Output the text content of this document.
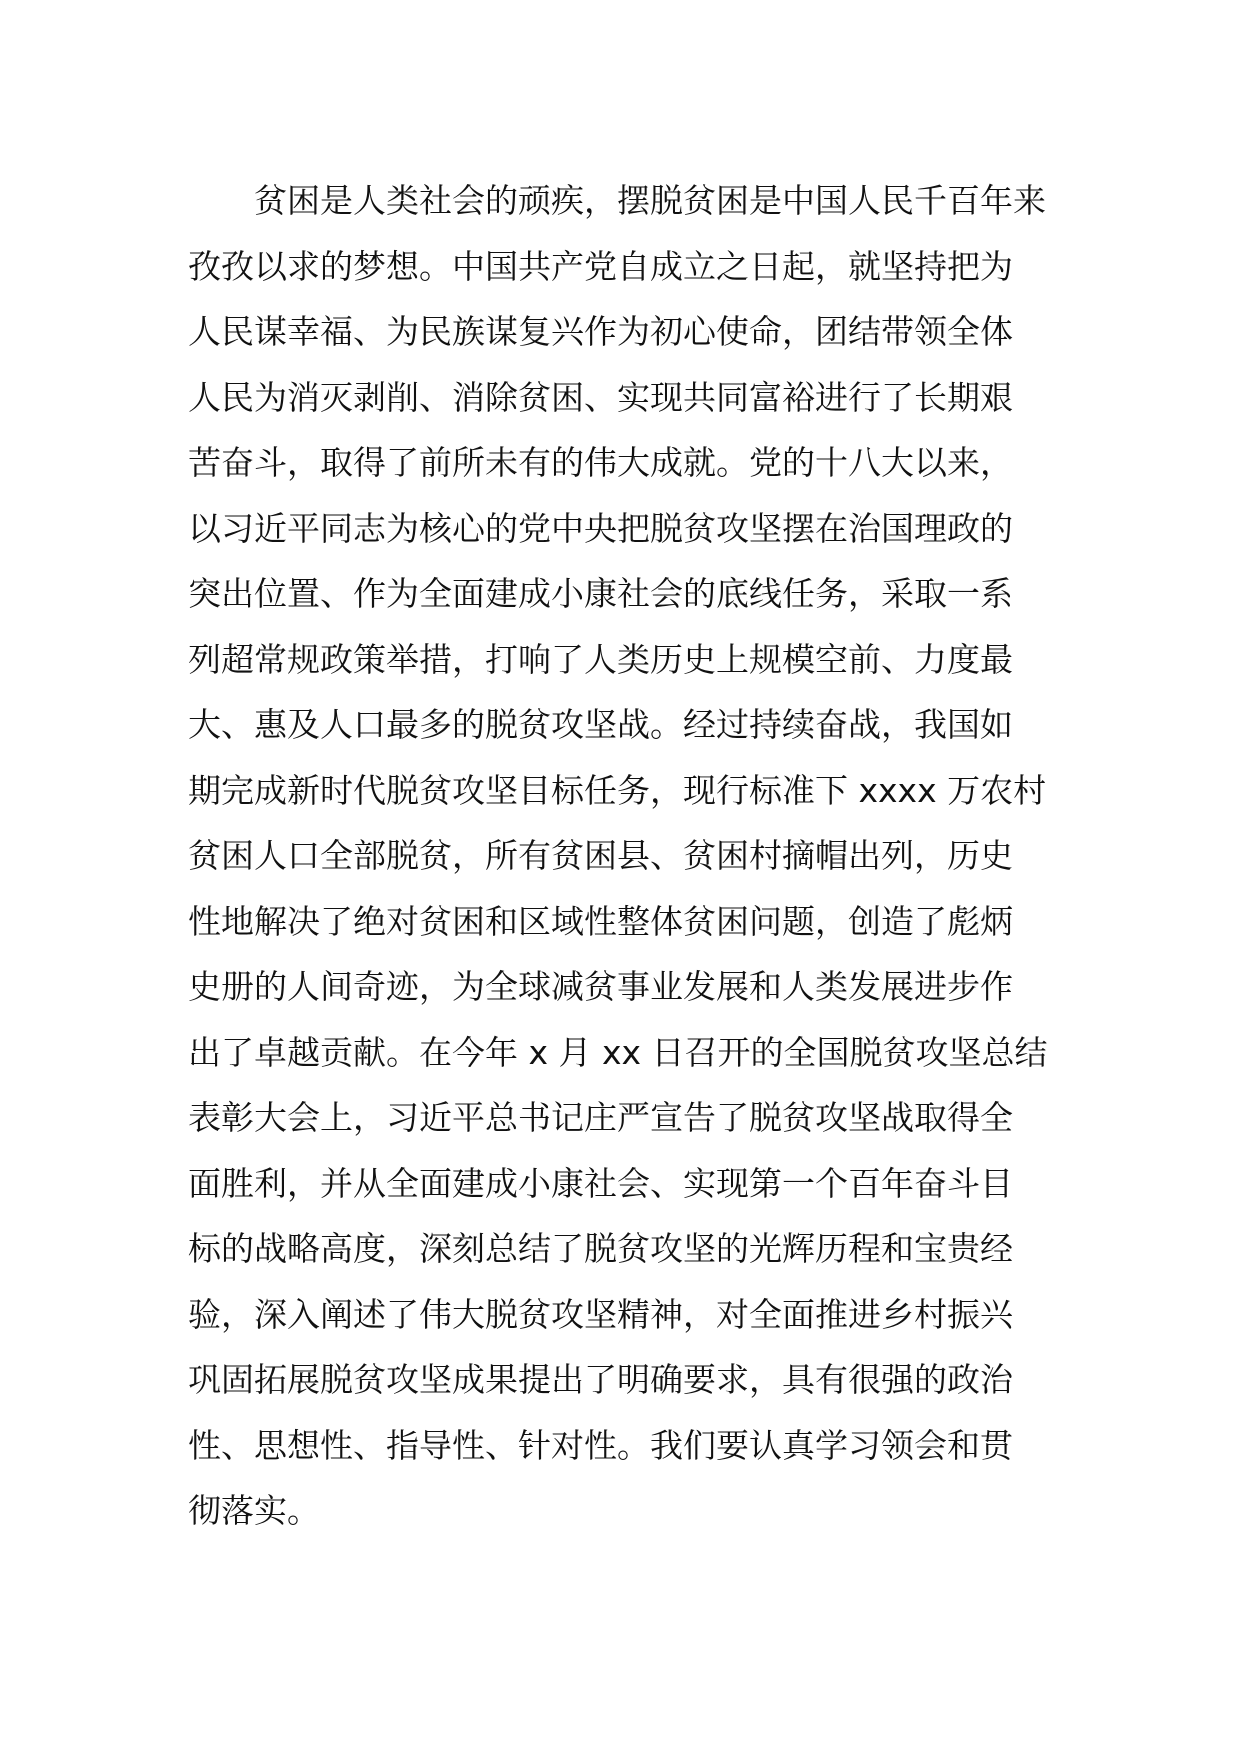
贫困是人类社会的顽疾，摆脱贫困是中国人民千百年来
孜孜以求的梦想。中国共产党自成立之日起，就坚持把为
人民谋幸福、为民族谋复兴作为初心使命，团结带领全体
人民为消灭剥削、消除贫困、实现共同富裕进行了长期艰
苦奋斗，取得了前所未有的伟大成就。党的十八大以来，
以习近平同志为核心的党中央把脱贫攻坚摆在治国理政的
突出位置、作为全面建成小康社会的底线任务，采取一系
列超常规政策举措，打响了人类历史上规模空前、力度最
大、惠及人口最多的脱贫攻坚战。经过持续奋战，我国如
期完成新时代脱贫攻坚目标任务，现行标准下 xxxx 万农村
贫困人口全部脱贫，所有贫困县、贫困村摘帽出列，历史
性地解决了绝对贫困和区域性整体贫困问题，创造了彪炳
史册的人间奇迹，为全球减贫事业发展和人类发展进步作
出了卓越贡献。在今年 x 月 xx 日召开的全国脱贫攻坚总结
表彰大会上，习近平总书记庄严宣告了脱贫攻坚战取得全
面胜利，并从全面建成小康社会、实现第一个百年奋斗目
标的战略高度，深刻总结了脱贫攻坚的光辉历程和宝贵经
验，深入阐述了伟大脱贫攻坚精神，对全面推进乡村振兴
巩固拓展脱贫攻坚成果提出了明确要求，具有很强的政治
性、思想性、指导性、针对性。我们要认真学习领会和贯
彻落实。
